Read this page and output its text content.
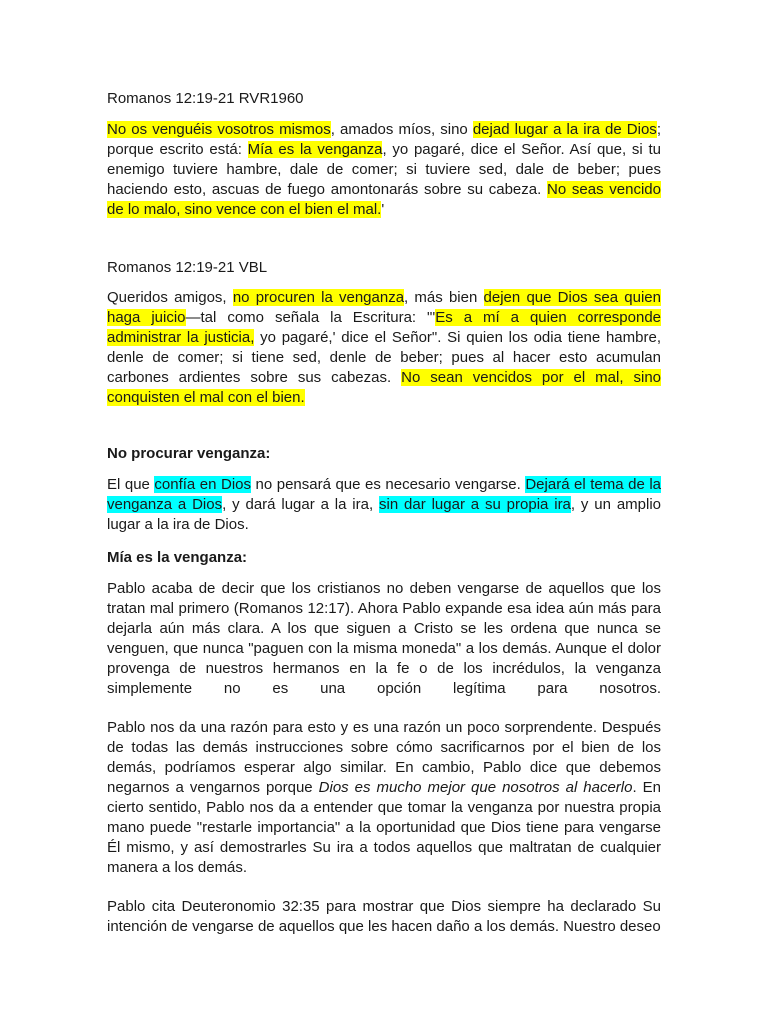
Romanos 12:19-21 RVR1960

No os venguéis vosotros mismos, amados míos, sino dejad lugar a la ira de Dios; porque escrito está: Mía es la venganza, yo pagaré, dice el Señor. Así que, si tu enemigo tuviere hambre, dale de comer; si tuviere sed, dale de beber; pues haciendo esto, ascuas de fuego amontonarás sobre su cabeza. No seas vencido de lo malo, sino vence con el bien el mal.'

Romanos 12:19-21 VBL

Queridos amigos, no procuren la venganza, más bien dejen que Dios sea quien haga juicio—tal como señala la Escritura: "'Es a mí a quien corresponde administrar la justicia, yo pagaré,' dice el Señor". Si quien los odia tiene hambre, denle de comer; si tiene sed, denle de beber; pues al hacer esto acumulan carbones ardientes sobre sus cabezas. No sean vencidos por el mal, sino conquisten el mal con el bien.

No procurar venganza:

El que confía en Dios no pensará que es necesario vengarse. Dejará el tema de la venganza a Dios, y dará lugar a la ira, sin dar lugar a su propia ira, y un amplio lugar a la ira de Dios.

Mía es la venganza:

Pablo acaba de decir que los cristianos no deben vengarse de aquellos que los tratan mal primero (Romanos 12:17). Ahora Pablo expande esa idea aún más para dejarla aún más clara. A los que siguen a Cristo se les ordena que nunca se venguen, que nunca "paguen con la misma moneda" a los demás. Aunque el dolor provenga de nuestros hermanos en la fe o de los incrédulos, la venganza simplemente no es una opción legítima para nosotros.

Pablo nos da una razón para esto y es una razón un poco sorprendente. Después de todas las demás instrucciones sobre cómo sacrificarnos por el bien de los demás, podríamos esperar algo similar. En cambio, Pablo dice que debemos negarnos a vengarnos porque Dios es mucho mejor que nosotros al hacerlo. En cierto sentido, Pablo nos da a entender que tomar la venganza por nuestra propia mano puede "restarle importancia" a la oportunidad que Dios tiene para vengarse Él mismo, y así demostrarles Su ira a todos aquellos que maltratan de cualquier manera a los demás.

Pablo cita Deuteronomio 32:35 para mostrar que Dios siempre ha declarado Su intención de vengarse de aquellos que les hacen daño a los demás. Nuestro deseo
